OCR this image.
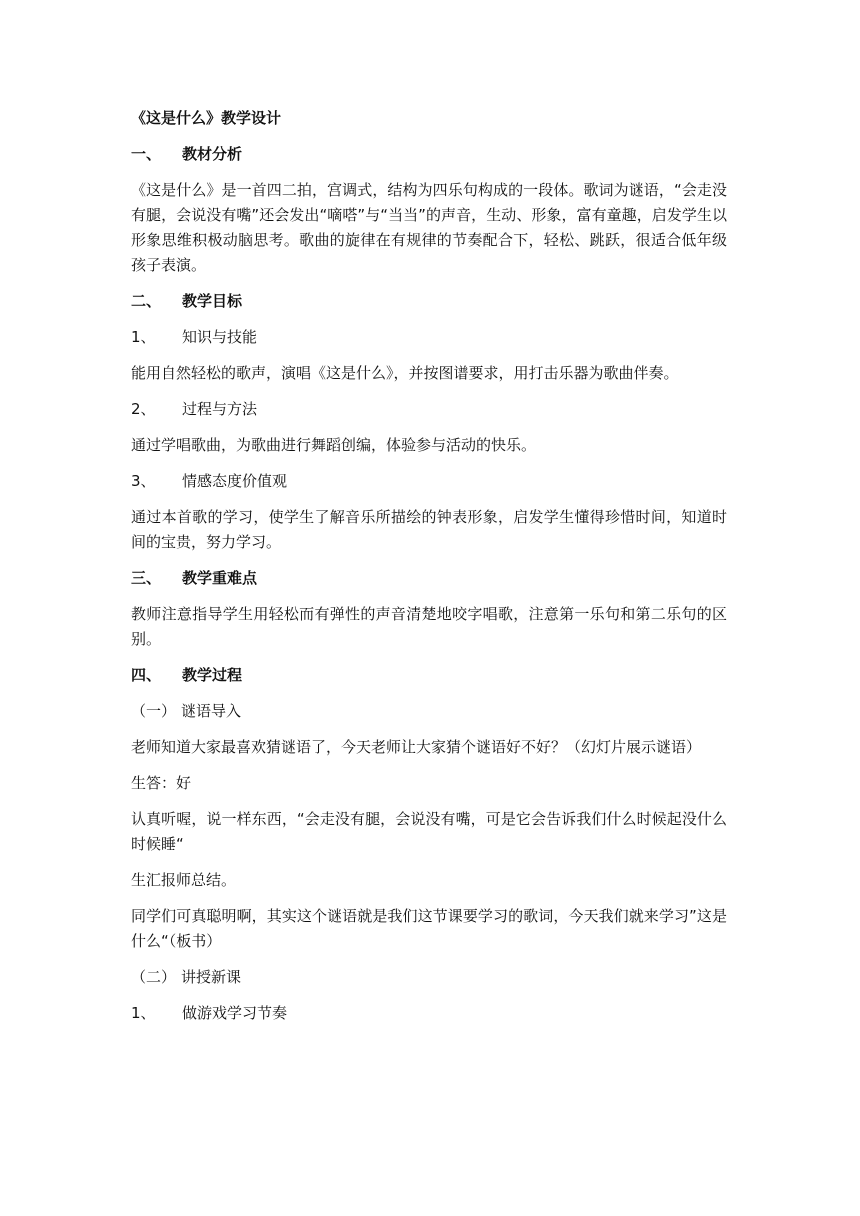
《这是什么》教学设计

一、 教材分析

《这是什么》是一首四二拍，宫调式，结构为四乐句构成的一段体。歌词为谜语，“会走没有腿，会说没有嘴”还会发出“嘀嗒”与“当当”的声音，生动、形象，富有童趣，启发学生以形象思维积极动脑思考。歌曲的旋律在有规律的节奏配合下，轻松、跳跃，很适合低年级孩子表演。

二、 教学目标

1、 知识与技能

能用自然轻松的歌声，演唱《这是什么》，并按图谱要求，用打击乐器为歌曲伴奏。

2、 过程与方法

通过学唱歌曲，为歌曲进行舞蹈创编，体验参与活动的快乐。

3、 情感态度价值观

通过本首歌的学习，使学生了解音乐所描绘的钟表形象，启发学生懂得珍惜时间，知道时间的宝贵，努力学习。

三、 教学重难点

教师注意指导学生用轻松而有弹性的声音清楚地咬字唱歌，注意第一乐句和第二乐句的区别。

四、 教学过程

（一） 谜语导入

老师知道大家最喜欢猜谜语了，今天老师让大家猜个谜语好不好？（幻灯片展示谜语）

生答：好

认真听喔，说一样东西，“会走没有腿，会说没有嘴，可是它会告诉我们什么时候起没什么时候睡“

生汇报师总结。

同学们可真聪明啊，其实这个谜语就是我们这节课要学习的歌词，今天我们就来学习”这是什么“（板书）

（二） 讲授新课

1、 做游戏学习节奏
